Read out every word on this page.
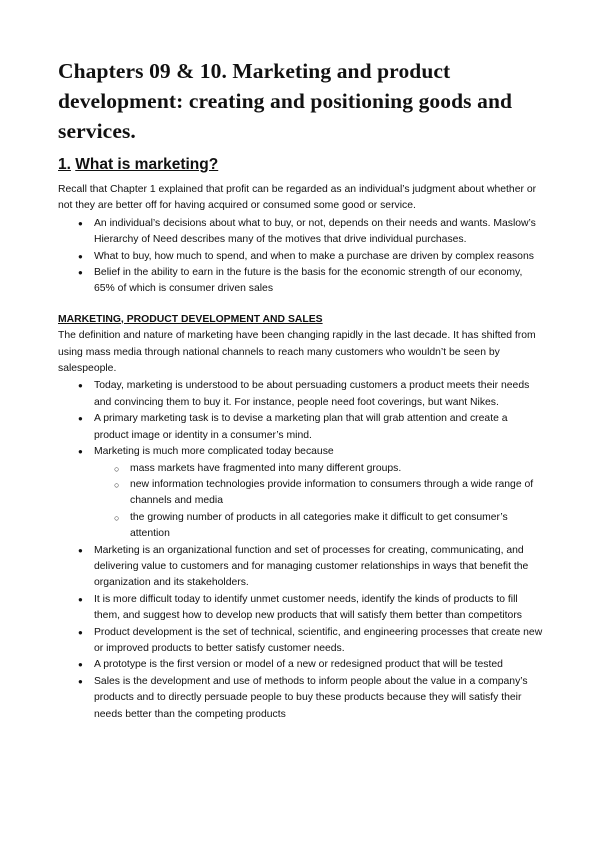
Chapters 09 & 10. Marketing and product development: creating and positioning goods and services.
1. What is marketing?

Recall that Chapter 1 explained that profit can be regarded as an individual’s judgment about whether or not they are better off for having acquired or consumed some good or service.

● An individual’s decisions about what to buy, or not, depends on their needs and wants. Maslow’s Hierarchy of Need describes many of the motives that drive individual purchases.
● What to buy, how much to spend, and when to make a purchase are driven by complex reasons
● Belief in the ability to earn in the future is the basis for the economic strength of our economy, 65% of which is consumer driven sales
MARKETING, PRODUCT DEVELOPMENT AND SALES

The definition and nature of marketing have been changing rapidly in the last decade. It has shifted from using mass media through national channels to reach many customers who wouldn’t be seen by salespeople.

● Today, marketing is understood to be about persuading customers a product meets their needs and convincing them to buy it. For instance, people need foot coverings, but want Nikes.
● A primary marketing task is to devise a marketing plan that will grab attention and create a product image or identity in a consumer’s mind.
● Marketing is much more complicated today because
○ mass markets have fragmented into many different groups.
○ new information technologies provide information to consumers through a wide range of channels and media
○ the growing number of products in all categories make it difficult to get consumer’s attention
● Marketing is an organizational function and set of processes for creating, communicating, and delivering value to customers and for managing customer relationships in ways that benefit the organization and its stakeholders.
● It is more difficult today to identify unmet customer needs, identify the kinds of products to fill them, and suggest how to develop new products that will satisfy them better than competitors
● Product development is the set of technical, scientific, and engineering processes that create new or improved products to better satisfy customer needs.
● A prototype is the first version or model of a new or redesigned product that will be tested
● Sales is the development and use of methods to inform people about the value in a company’s products and to directly persuade people to buy these products because they will satisfy their needs better than the competing products
